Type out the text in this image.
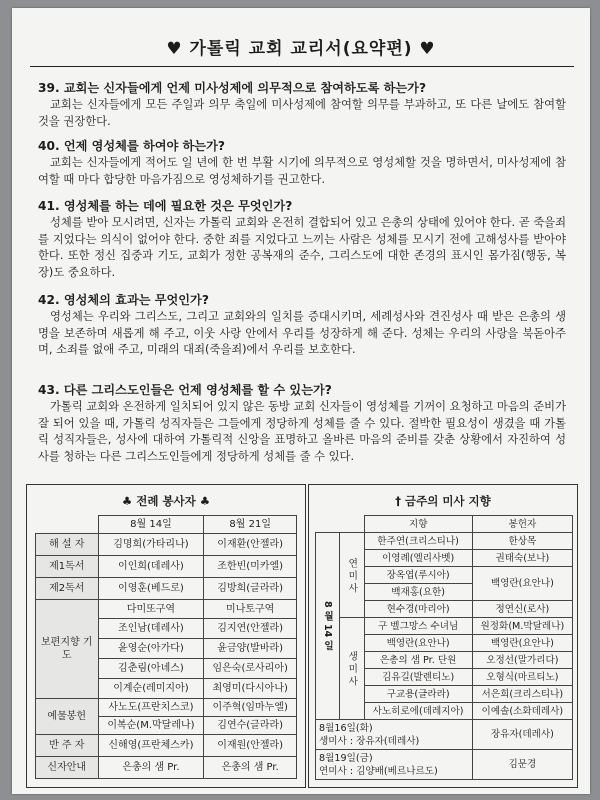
♥ 가톨릭 교회 교리서(요약편) ♥
39. 교회는 신자들에게 언제 미사성제에 의무적으로 참여하도록 하는가?
교회는 신자들에게 모든 주일과 의무 축일에 미사성제에 참여할 의무를 부과하고, 또 다른 날에도 참여할 것을 권장한다.
40. 언제 영성체를 하여야 하는가?
교회는 신자들에게 적어도 일 년에 한 번 부활 시기에 의무적으로 영성체할 것을 명하면서, 미사성제에 참여할 때 마다 합당한 마음가짐으로 영성체하기를 권고한다.
41. 영성체를 하는 데에 필요한 것은 무엇인가?
성체를 받아 모시려면, 신자는 가톨릭 교회와 온전히 결합되어 있고 은총의 상태에 있어야 한다. 곧 죽을죄를 지었다는 의식이 없어야 한다. 중한 죄를 지었다고 느끼는 사람은 성체를 모시기 전에 고해성사를 받아야 한다. 또한 정신 집중과 기도, 교회가 정한 공복재의 준수, 그리스도에 대한 존경의 표시인 몸가짐(행동, 복장)도 중요하다.
42. 영성체의 효과는 무엇인가?
영성체는 우리와 그리스도, 그리고 교회와의 일치를 증대시키며, 세례성사와 견진성사 때 받은 은총의 생명을 보존하며 새롭게 해 주고, 이웃 사랑 안에서 우리를 성장하게 해 준다. 성체는 우리의 사랑을 북돋아주며, 소죄를 없애 주고, 미래의 대죄(죽을죄)에서 우리를 보호한다.
43. 다른 그리스도인들은 언제 영성체를 할 수 있는가?
가톨릭 교회와 온전하게 일치되어 있지 않은 동방 교회 신자들이 영성체를 기꺼이 요청하고 마음의 준비가 잘 되어 있을 때, 가톨릭 성직자들은 그들에게 정당하게 성체를 줄 수 있다. 절박한 필요성이 생겼을 때 가톨릭 성직자들은, 성사에 대하여 가톨릭적 신앙을 표명하고 올바른 마음의 준비를 갖춘 상황에서 자진하여 성사를 청하는 다른 그리스도인들에게 정당하게 성체를 줄 수 있다.
♣ 전례 봉사자 ♣
	8월 14일	8월 21일
해 설 자	김명희(가타리나)	이재환(안젤라)
제1독서	이인희(데레사)	조한빈(미카엘)
제2독서	이영훈(베드로)	김방희(글라라)
보편지향 기 도	다미또구역	미나토구역
	조인남(데레사)	김지연(안젤라)
	윤영순(아가다)	윤금양(발바라)
	김춘림(아녜스)	임은숙(로사리아)
	이계순(레미지아)	최영미(다시아나)
예물봉헌	사노도(프란치스코)	이주혁(임마누엘)
	이복순(M.막달레나)	김연수(글라라)
반 주 자	신해영(프란체스카)	이재원(안젤라)
신자안내	은총의 샘 Pr.	은총의 샘 Pr.
† 금주의 미사 지향
		지향	봉헌자
8 월 14 일	연 미 사	한주연(크리스티나)	한상목
		이영례(엘리사벳)	권태숙(보나)
		장옥엽(루시아)	백영란(요안나)
		백재홍(요한)	
		현수경(마리아)	정연신(로사)
	생 미 사	구 벨그망스 수녀님	원정화(M.막달레나)
		백영란(요안나)	백영란(요안나)
		은총의 샘 Pr. 단원	오정선(말가리다)
		김유길(발렌티노)	오형식(마르티노)
		구교용(글라라)	서은희(크리스티나)
		사노히로에(데레지아)	이예솔(소화데레사)

8월16일(화)
생미사 : 장유자(데레사)			장유자(데레사)

8월19일(금)
연미사 : 김양배(베르나르도)			김문경
